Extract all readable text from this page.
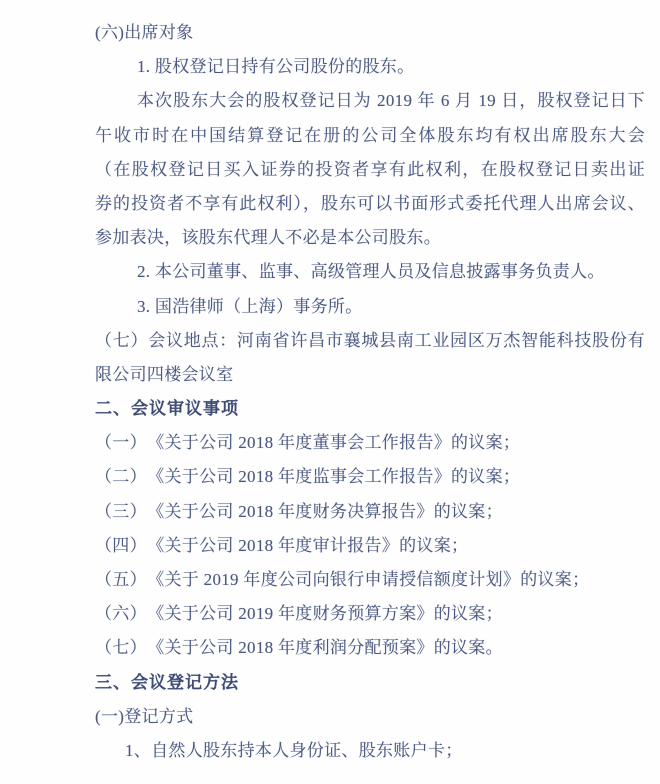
(六)出席对象
1. 股权登记日持有公司股份的股东。
本次股东大会的股权登记日为 2019 年 6 月 19 日，股权登记日下
午收市时在中国结算登记在册的公司全体股东均有权出席股东大会
（在股权登记日买入证券的投资者享有此权利，在股权登记日卖出证
券的投资者不享有此权利），股东可以书面形式委托代理人出席会议、
参加表决，该股东代理人不必是本公司股东。
2. 本公司董事、监事、高级管理人员及信息披露事务负责人。
3. 国浩律师（上海）事务所。
（七）会议地点：河南省许昌市襄城县南工业园区万杰智能科技股份有
限公司四楼会议室
二、会议审议事项
（一）　《关于公司 2018 年度董事会工作报告》的议案；
（二）　《关于公司 2018 年度监事会工作报告》的议案；
（三）　《关于公司 2018 年度财务决算报告》的议案；
（四）　《关于公司 2018 年度审计报告》的议案；
（五）　《关于 2019 年度公司向银行申请授信额度计划》的议案；
（六）　《关于公司 2019 年度财务预算方案》的议案；
（七）　《关于公司 2018 年度利润分配预案》的议案。
三、会议登记方法
(一)登记方式
1、自然人股东持本人身份证、股东账户卡；
